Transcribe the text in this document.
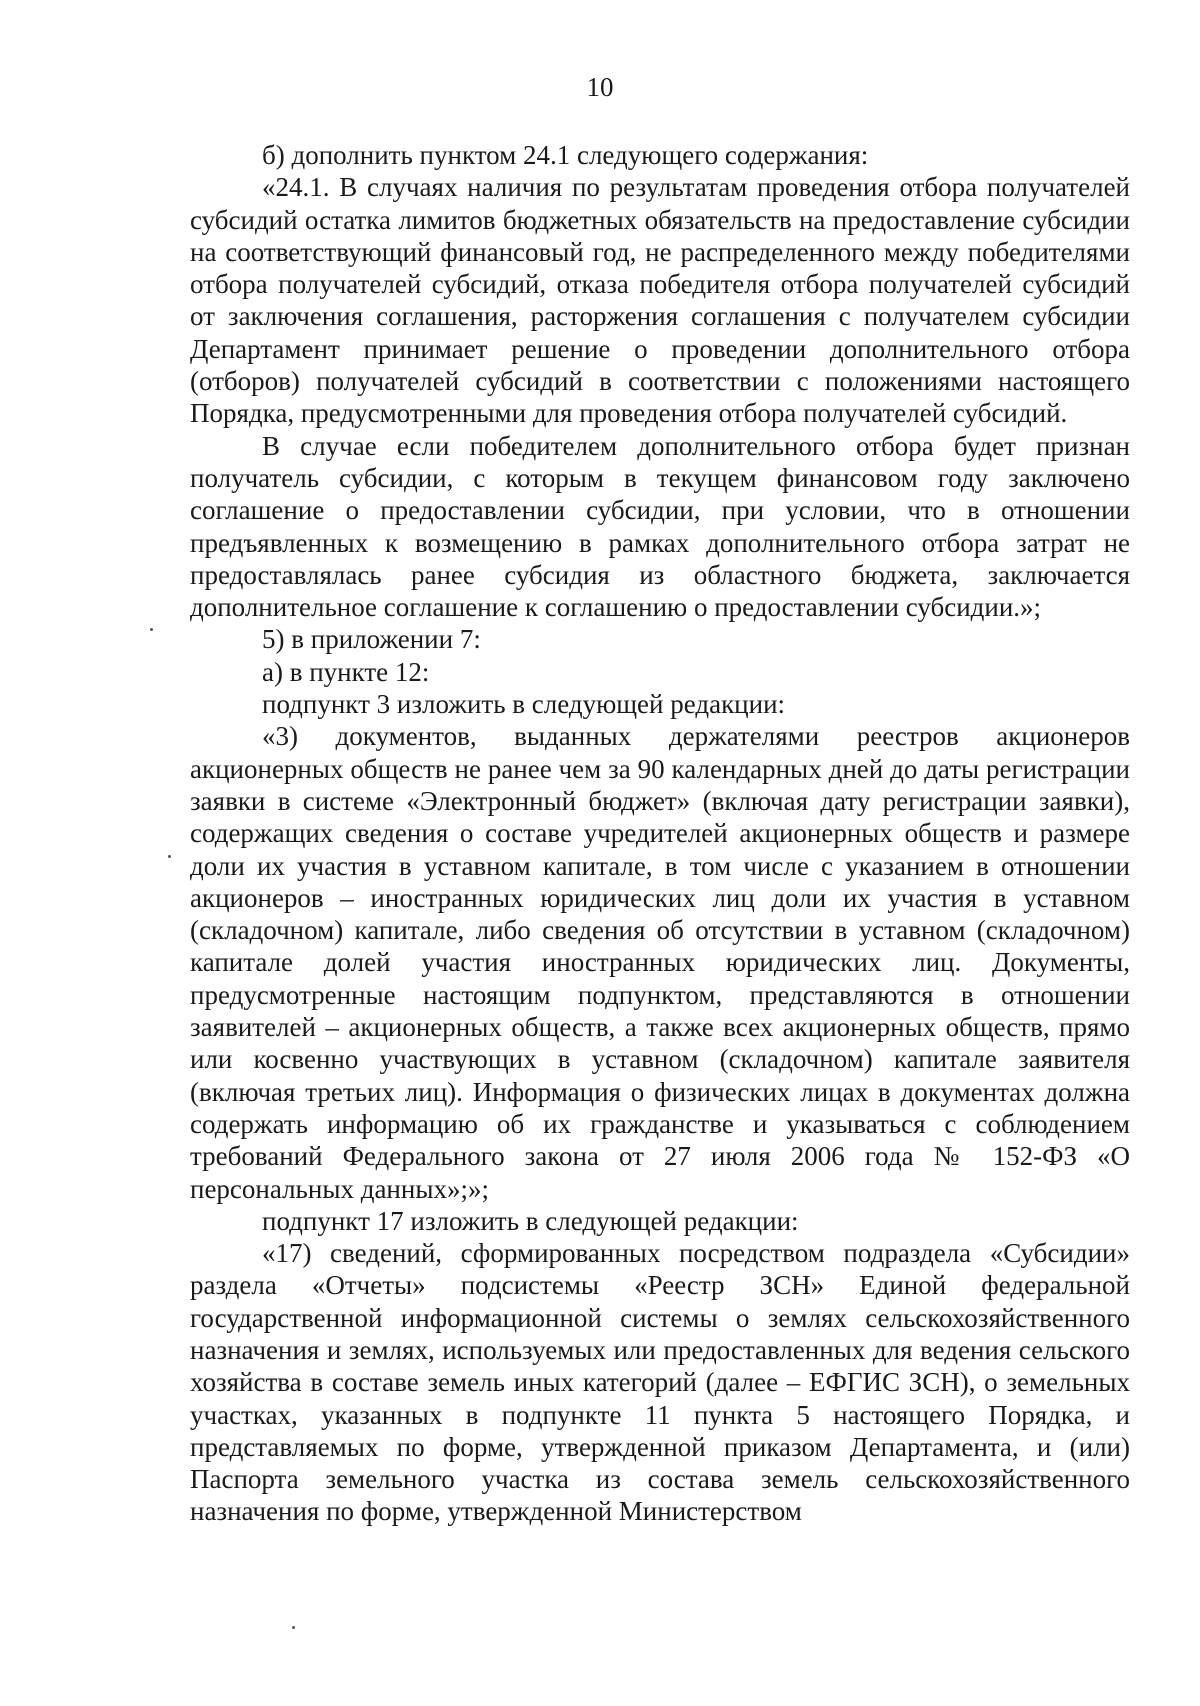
10

б) дополнить пунктом 24.1 следующего содержания:

«24.1. В случаях наличия по результатам проведения отбора получателей субсидий остатка лимитов бюджетных обязательств на предоставление субсидии на соответствующий финансовый год, не распределенного между победителями отбора получателей субсидий, отказа победителя отбора получателей субсидий от заключения соглашения, расторжения соглашения с получателем субсидии Департамент принимает решение о проведении дополнительного отбора (отборов) получателей субсидий в соответствии с положениями настоящего Порядка, предусмотренными для проведения отбора получателей субсидий.

В случае если победителем дополнительного отбора будет признан получатель субсидии, с которым в текущем финансовом году заключено соглашение о предоставлении субсидии, при условии, что в отношении предъявленных к возмещению в рамках дополнительного отбора затрат не предоставлялась ранее субсидия из областного бюджета, заключается дополнительное соглашение к соглашению о предоставлении субсидии.»;

5) в приложении 7:

а) в пункте 12:

подпункт 3 изложить в следующей редакции:

«3) документов, выданных держателями реестров акционеров акционерных обществ не ранее чем за 90 календарных дней до даты регистрации заявки в системе «Электронный бюджет» (включая дату регистрации заявки), содержащих сведения о составе учредителей акционерных обществ и размере доли их участия в уставном капитале, в том числе с указанием в отношении акционеров – иностранных юридических лиц доли их участия в уставном (складочном) капитале, либо сведения об отсутствии в уставном (складочном) капитале долей участия иностранных юридических лиц. Документы, предусмотренные настоящим подпунктом, представляются в отношении заявителей – акционерных обществ, а также всех акционерных обществ, прямо или косвенно участвующих в уставном (складочном) капитале заявителя (включая третьих лиц). Информация о физических лицах в документах должна содержать информацию об их гражданстве и указываться с соблюдением требований Федерального закона от 27 июля 2006 года № 152-ФЗ «О персональных данных»;»;

подпункт 17 изложить в следующей редакции:

«17) сведений, сформированных посредством подраздела «Субсидии» раздела «Отчеты» подсистемы «Реестр ЗСН» Единой федеральной государственной информационной системы о землях сельскохозяйственного назначения и землях, используемых или предоставленных для ведения сельского хозяйства в составе земель иных категорий (далее – ЕФГИС ЗСН), о земельных участках, указанных в подпункте 11 пункта 5 настоящего Порядка, и представляемых по форме, утвержденной приказом Департамента, и (или) Паспорта земельного участка из состава земель сельскохозяйственного назначения по форме, утвержденной Министерством
